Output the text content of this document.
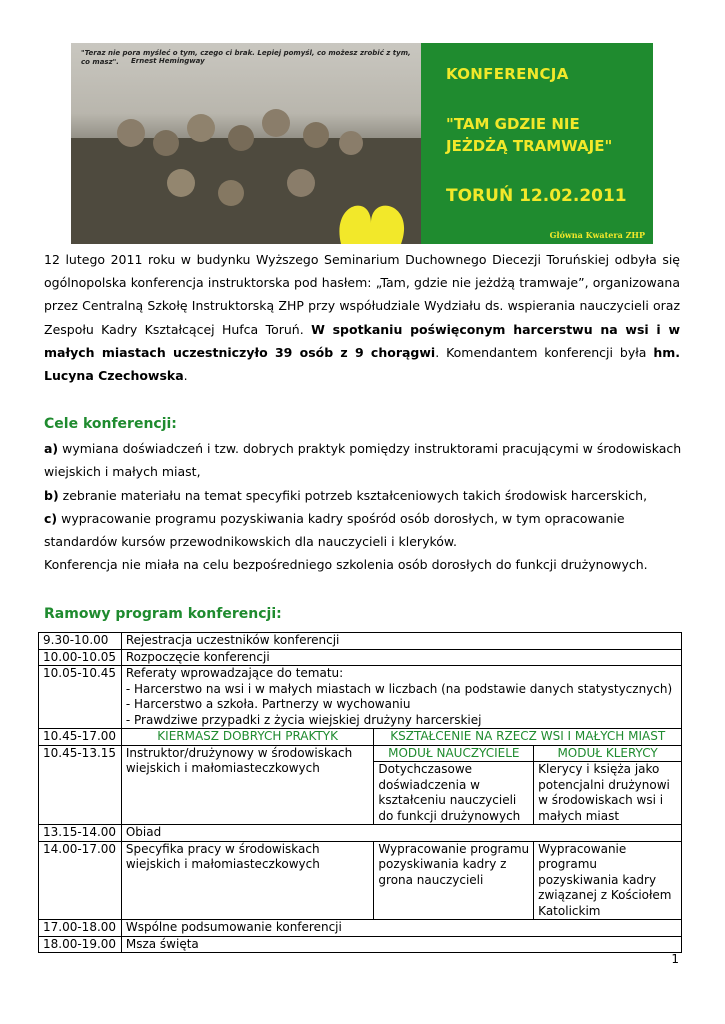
"Teraz nie pora myśleć o tym, czego ci brak. Lepiej pomyśl, co możesz zrobić z tym, co masz".	Ernest Hemingway
KONFERENCJA
"TAM GDZIE NIE JEŻDŻĄ TRAMWAJE"
TORUŃ 12.02.2011
Główna Kwatera ZHP
12 lutego 2011 roku w budynku Wyższego Seminarium Duchownego Diecezji Toruńskiej odbyła się ogólnopolska konferencja instruktorska pod hasłem: „Tam, gdzie nie jeżdżą tramwaje”, organizowana przez Centralną Szkołę Instruktorską ZHP przy współudziale Wydziału ds. wspierania nauczycieli oraz Zespołu Kadry Kształcącej Hufca Toruń. W spotkaniu poświęconym harcerstwu na wsi i w małych miastach uczestniczyło 39 osób z 9 chorągwi. Komendantem konferencji była hm. Lucyna Czechowska.
Cele konferencji:
a) wymiana doświadczeń i tzw. dobrych praktyk pomiędzy instruktorami pracującymi w środowiskach wiejskich i małych miast,
b) zebranie materiału na temat specyfiki potrzeb kształceniowych takich środowisk harcerskich,
c) wypracowanie programu pozyskiwania kadry spośród osób dorosłych, w tym opracowanie standardów kursów przewodnikowskich dla nauczycieli i kleryków.
Konferencja nie miała na celu bezpośredniego szkolenia osób dorosłych do funkcji drużynowych.
Ramowy program konferencji:
9.30-10.00	Rejestracja uczestników konferencji		
10.00-10.05	Rozpoczęcie konferencji		
10.05-10.45	Referaty wprowadzające do tematu:
- Harcerstwo na wsi i w małych miastach w liczbach (na podstawie danych statystycznych)
- Harcerstwo a szkoła. Partnerzy w wychowaniu
- Prawdziwe przypadki z życia wiejskiej drużyny harcerskiej		

10.45-17.00	KIERMASZ DOBRYCH PRAKTYK	KSZTAŁCENIE NA RZECZ WSI I MAŁYCH MIAST	
10.45-13.15	Instruktor/drużynowy w środowiskach wiejskich i małomiasteczkowych	MODUŁ NAUCZYCIELE	MODUŁ KLERYCY
		Dotychczasowe doświadczenia w kształceniu nauczycieli do funkcji drużynowych	Klerycy i księża jako potencjalni drużynowi w środowiskach wsi i małych miast
13.15-14.00	Obiad		
14.00-17.00	Specyfika pracy w środowiskach wiejskich i małomiasteczkowych	Wypracowanie programu pozyskiwania kadry z grona nauczycieli	Wypracowanie programu pozyskiwania kadry związanej z Kościołem Katolickim
17.00-18.00	Wspólne podsumowanie konferencji		
18.00-19.00	Msza święta		
1
